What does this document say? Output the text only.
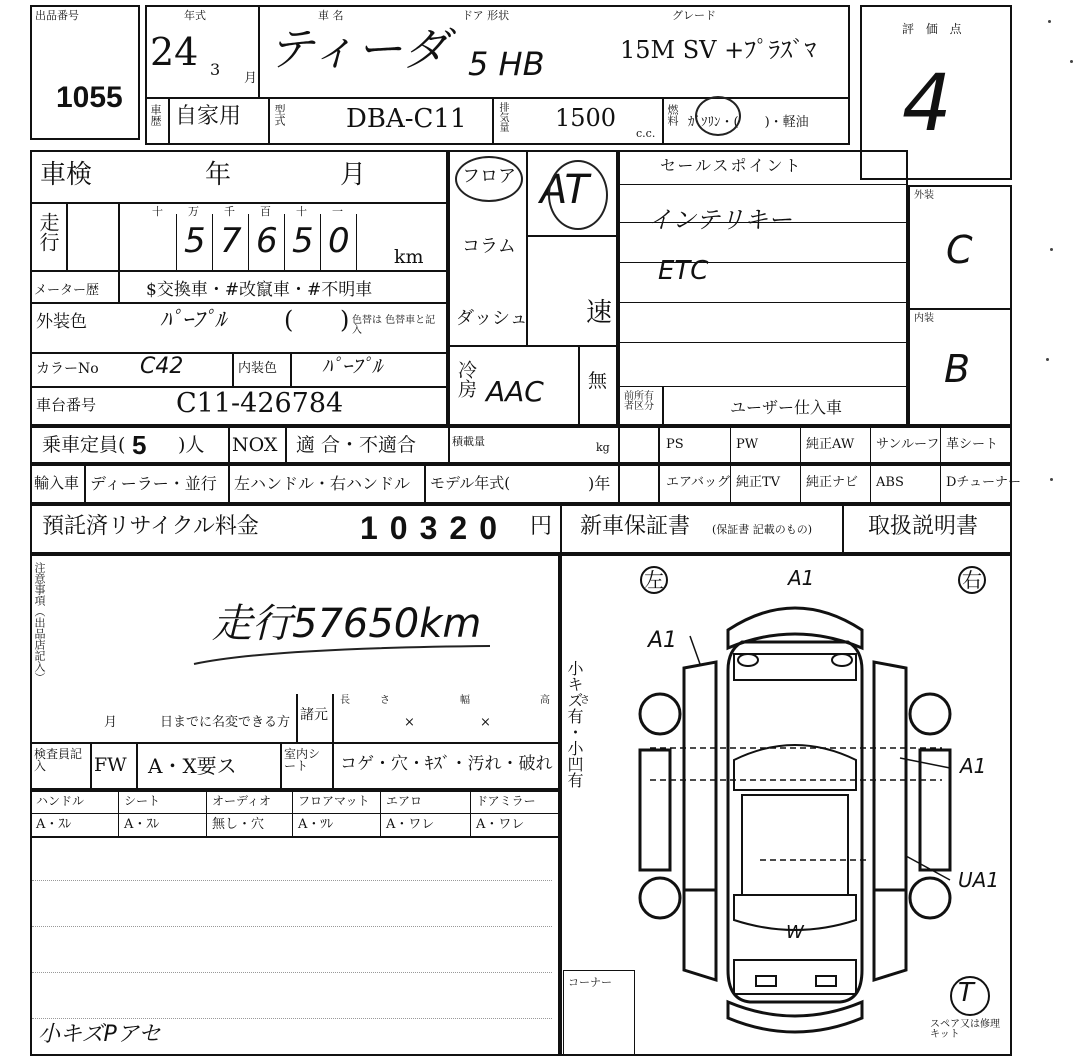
出品番号
1055
年式
24 3 月
車 名
ティーダ
ドア 形状
5 HB
グレード
15M SV +ﾌﾟﾗｽﾞﾏ
車歴 自家用	型式 DBA-C11	排気量 1500
c.c.
燃料 ｶﾞｿﾘﾝ・(　　)・軽油
評 価 点
4
車検	年	月
走行
十 万 千 百 十 一
5 7 6 5 0 km
メーター歴	$交換車・#改竄車・#不明車
外装色	ﾊﾟｰﾌﾟﾙ ( ) 色替は 色替車と記入
カラーNo C42	内装色 ﾊﾟｰﾌﾟﾙ
車台番号	C11-426784
フロア
コラム
ダッシュ
AT
速
冷房 AAC 無
セールスポイント
インテリキー
ETC
前所有 者区分	ユーザー仕入車
外装
C
内装
B
乗車定員( 5 )人 NOX 適 合・不適合	積載量	kg	PS	PW	純正AW サンルーフ 革シート
エアバッグ 純正TV 純正ナビ ABS	Dチューナー
輸入車 ディーラー・並行 左ハンドル・右ハンドル モデル年式(	)年
預託済リサイクル料金	10320 円 新車保証書 (保証書 記載のもの)	取扱説明書
注意事項（出品店記入）	走行57650km
月	日までに名変できる方 諸元
長さ　幅　高さ
×	×
検査員記入	FW A・X要ス	室内シート	コゲ・穴・ｷｽﾞ・汚れ・破れ
ハンドル
A・ｽﾚ
シート
A・ｽﾚ
オーディオ
無し・穴
フロアマット
A・ﾂﾚ
エアロ
A・ワレ
ドアミラー
A・ワレ
小キズPアセ
小キズ有・小凹有
左	右
コーナー
A1
A1
A1
UA1
W
T
スペア又は修理キット
